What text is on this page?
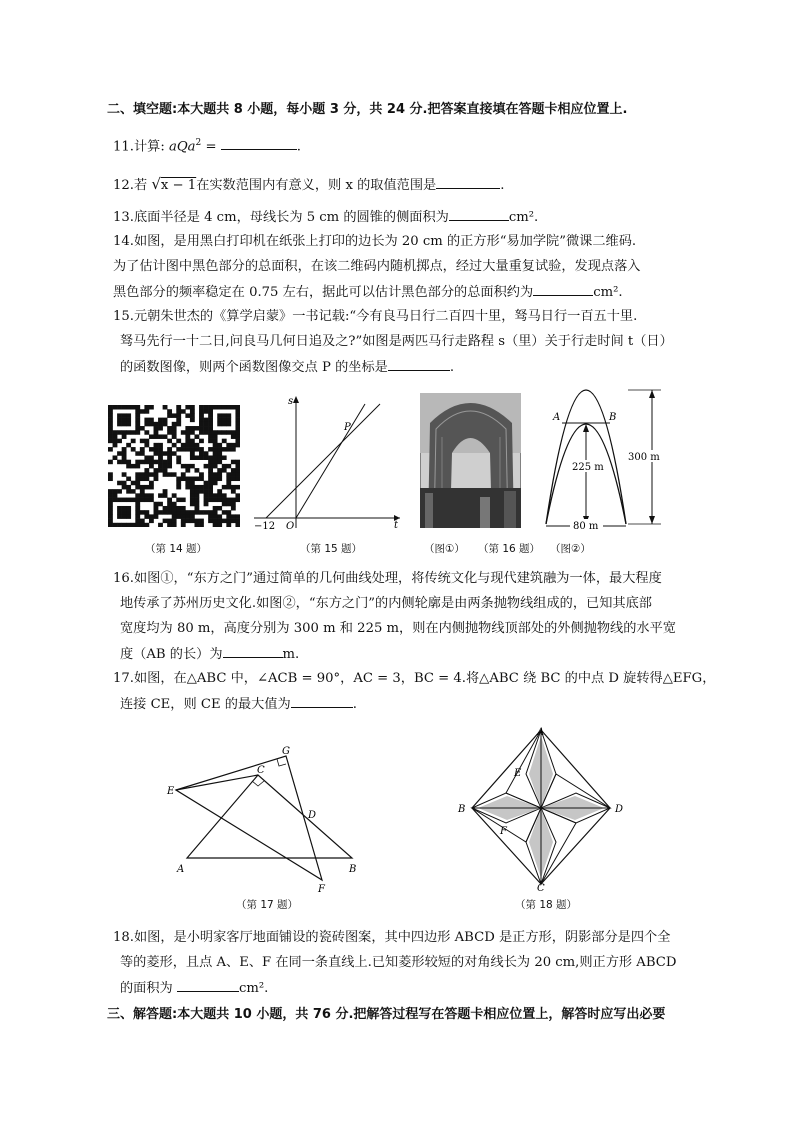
二、填空题:本大题共 8 小题，每小题 3 分，共 24 分.把答案直接填在答题卡相应位置上.
11.计算: aQa$^2$ =	.
12.若 √x − 1在实数范围内有意义，则 x 的取值范围是	.
13.底面半径是 4 cm，母线长为 5 cm 的圆锥的侧面积为	cm².
14.如图，是用黑白打印机在纸张上打印的边长为 20 cm 的正方形“易加学院”微课二维码.
为了估计图中黑色部分的总面积，在该二维码内随机掷点，经过大量重复试验，发现点落入
黑色部分的频率稳定在 0.75 左右，据此可以估计黑色部分的总面积约为	cm².
15.元朝朱世杰的《算学启蒙》一书记载:“今有良马日行二百四十里，驽马日行一百五十里.
驽马先行一十二日,问良马几何日追及之?”如图是两匹马行走路程 s（里）关于行走时间 t（日）
的函数图像，则两个函数图像交点 P 的坐标是	.
s
t
P
O
−12
A	B
225 m
300 m
80 m
（第 14 题）	（第 15 题）	（图①） （第 16 题） （图②）
16.如图①，“东方之门”通过简单的几何曲线处理，将传统文化与现代建筑融为一体，最大程度
地传承了苏州历史文化.如图②，“东方之门”的内侧轮廓是由两条抛物线组成的，已知其底部
宽度均为 80 m，高度分别为 300 m 和 225 m，则在内侧抛物线顶部处的外侧抛物线的水平宽
度（AB 的长）为	m.
17.如图，在△ABC 中，∠ACB = 90°，AC = 3，BC = 4.将△ABC 绕 BC 的中点 D 旋转得△EFG，
连接 CE，则 CE 的最大值为	.
G
C
E
D
A	B
F
（第 17 题）
A
E
B	D
F
C
（第 18 题）
18.如图，是小明家客厅地面铺设的瓷砖图案，其中四边形 ABCD 是正方形，阴影部分是四个全
等的菱形，且点 A、E、F 在同一条直线上.已知菱形较短的对角线长为 20 cm,则正方形 ABCD
的面积为	cm².
三、解答题:本大题共 10 小题，共 76 分.把解答过程写在答题卡相应位置上，解答时应写出必要
